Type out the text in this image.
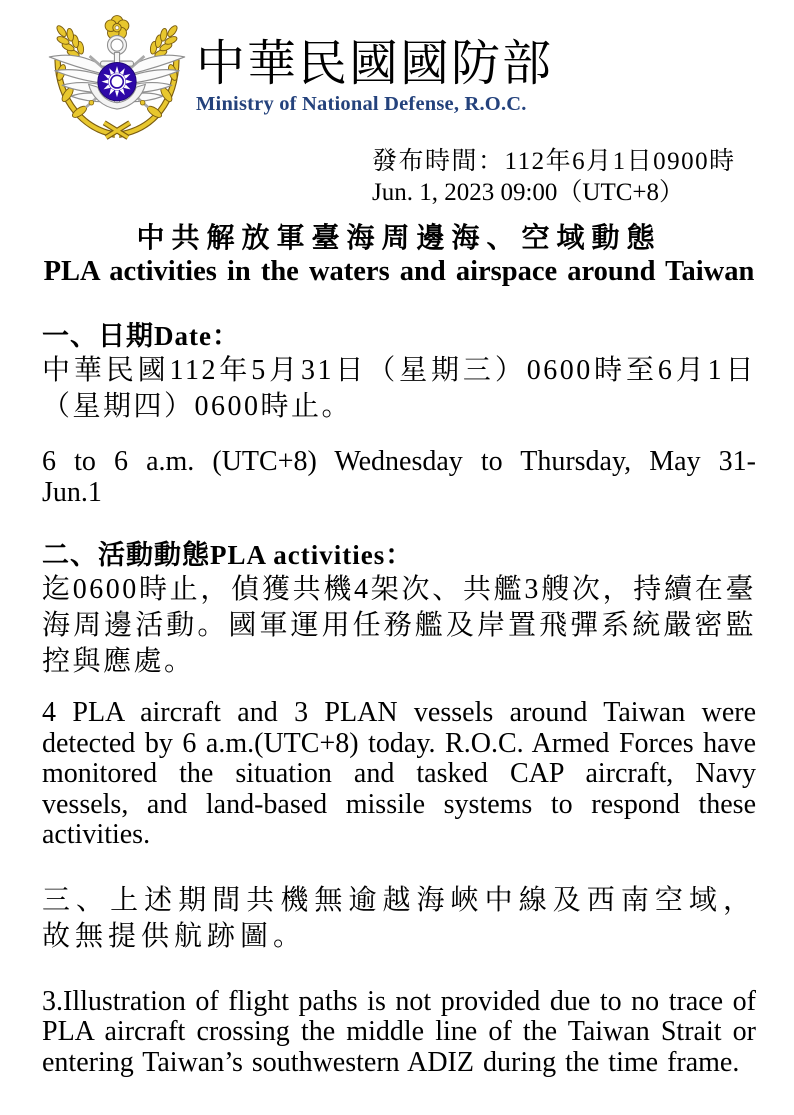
中華民國國防部
Ministry of National Defense, R.O.C.
發布時間：112年6月1日0900時
Jun. 1, 2023 09:00（UTC+8）
中共解放軍臺海周邊海、空域動態
PLA activities in the waters and airspace around Taiwan
一、日期Date：
中華民國112年5月31日（星期三）0600時至6月1日（星期四）0600時止。
6 to 6 a.m. (UTC+8) Wednesday to Thursday, May 31-Jun.1
二、活動動態PLA activities：
迄0600時止，偵獲共機4架次、共艦3艘次，持續在臺海周邊活動。國軍運用任務艦及岸置飛彈系統嚴密監控與應處。
4 PLA aircraft and 3 PLAN vessels around Taiwan were detected by 6 a.m.(UTC+8) today. R.O.C. Armed Forces have monitored the situation and tasked CAP aircraft, Navy vessels, and land-based missile systems to respond these activities.
三、上述期間共機無逾越海峽中線及西南空域，故無提供航跡圖。
3.Illustration of flight paths is not provided due to no trace of PLA aircraft crossing the middle line of the Taiwan Strait or entering Taiwan’s southwestern ADIZ during the time frame.
